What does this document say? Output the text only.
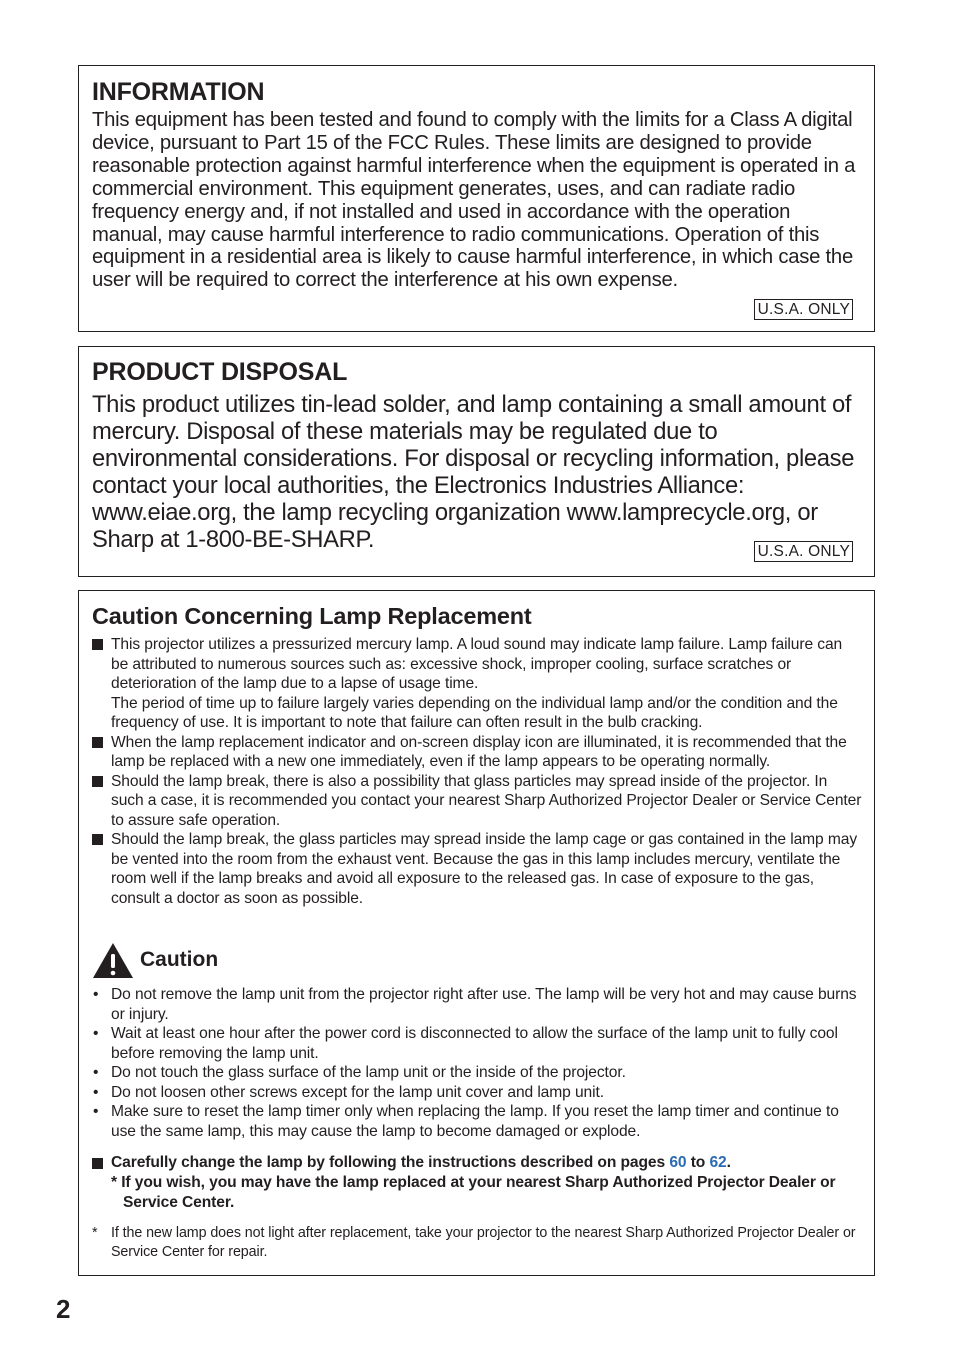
INFORMATION

This equipment has been tested and found to comply with the limits for a Class A digital device, pursuant to Part 15 of the FCC Rules. These limits are designed to provide reasonable protection against harmful interference when the equipment is operated in a commercial environment. This equipment generates, uses, and can radiate radio frequency energy and, if not installed and used in accordance with the operation manual, may cause harmful interference to radio communications. Operation of this equipment in a residential area is likely to cause harmful interference, in which case the user will be required to correct the interference at his own expense.

U.S.A. ONLY
PRODUCT DISPOSAL

This product utilizes tin-lead solder, and lamp containing a small amount of mercury. Disposal of these materials may be regulated due to environmental considerations. For disposal or recycling information, please contact your local authorities, the Electronics Industries Alliance: www.eiae.org, the lamp recycling organization www.lamprecycle.org, or Sharp at 1-800-BE-SHARP.	U.S.A. ONLY
Caution Concerning Lamp Replacement

This projector utilizes a pressurized mercury lamp. A loud sound may indicate lamp failure. Lamp failure can be attributed to numerous sources such as: excessive shock, improper cooling, surface scratches or deterioration of the lamp due to a lapse of usage time.

The period of time up to failure largely varies depending on the individual lamp and/or the condition and the frequency of use. It is important to note that failure can often result in the bulb cracking.

When the lamp replacement indicator and on-screen display icon are illuminated, it is recommended that the lamp be replaced with a new one immediately, even if the lamp appears to be operating normally.

Should the lamp break, there is also a possibility that glass particles may spread inside of the projector. In such a case, it is recommended you contact your nearest Sharp Authorized Projector Dealer or Service Center to assure safe operation.

Should the lamp break, the glass particles may spread inside the lamp cage or gas contained in the lamp may be vented into the room from the exhaust vent. Because the gas in this lamp includes mercury, ventilate the room well if the lamp breaks and avoid all exposure to the released gas. In case of exposure to the gas, consult a doctor as soon as possible.

Caution
• Do not remove the lamp unit from the projector right after use. The lamp will be very hot and may cause burns or injury.
• Wait at least one hour after the power cord is disconnected to allow the surface of the lamp unit to fully cool before removing the lamp unit.
• Do not touch the glass surface of the lamp unit or the inside of the projector.
• Do not loosen other screws except for the lamp unit cover and lamp unit.
• Make sure to reset the lamp timer only when replacing the lamp. If you reset the lamp timer and continue to use the same lamp, this may cause the lamp to become damaged or explode.
Carefully change the lamp by following the instructions described on pages 60 to 62.
* If you wish, you may have the lamp replaced at your nearest Sharp Authorized Projector Dealer or Service Center.
* If the new lamp does not light after replacement, take your projector to the nearest Sharp Authorized Projector Dealer or Service Center for repair.

2
